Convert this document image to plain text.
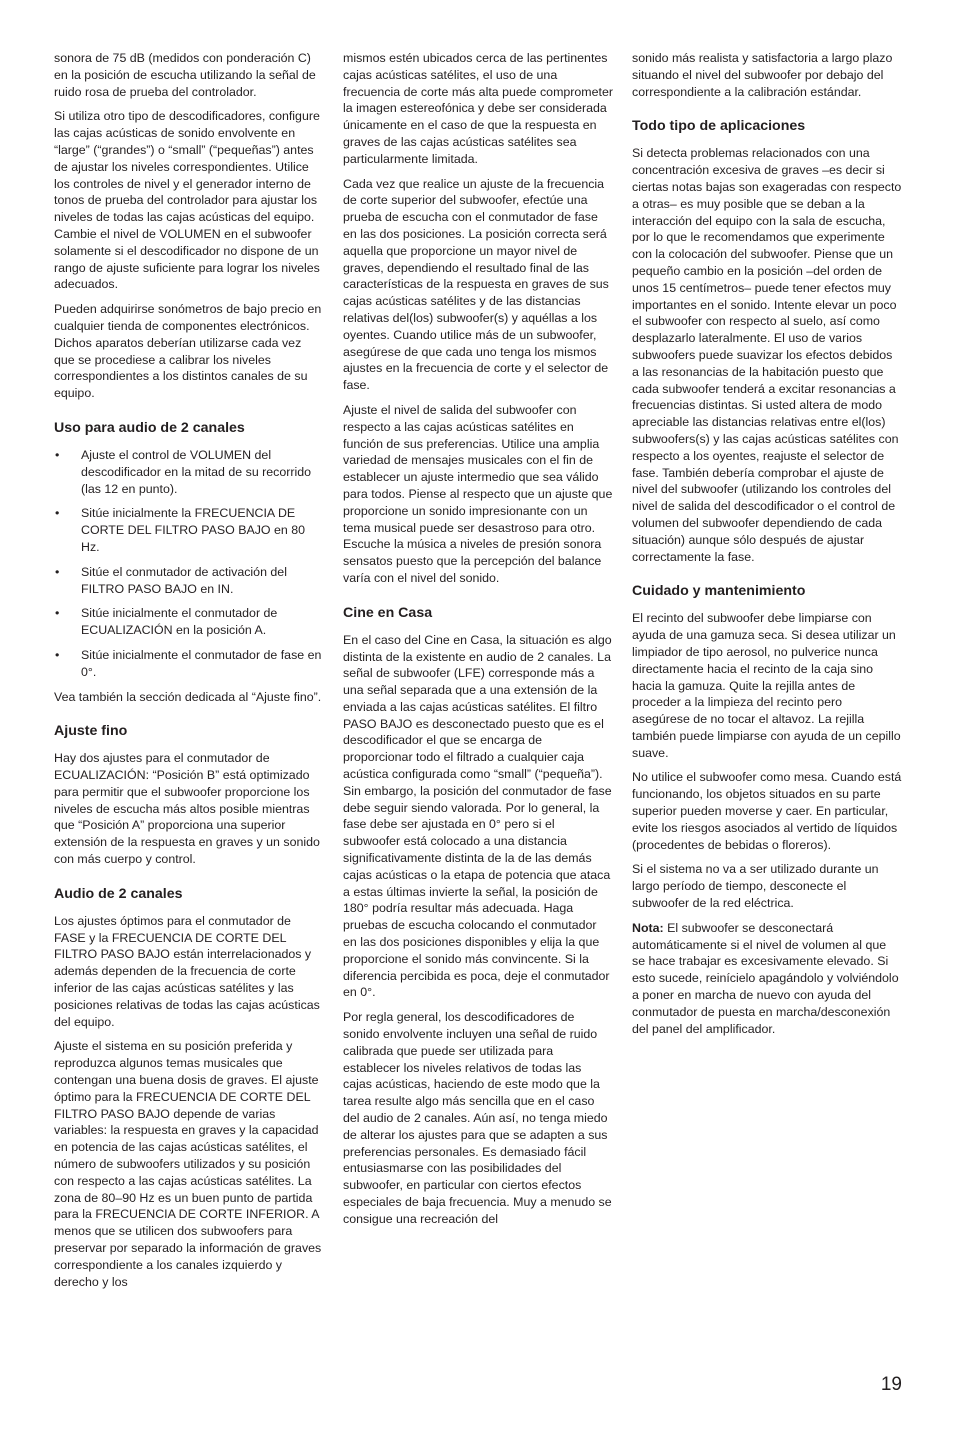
sonora de 75 dB (medidos con ponderación C) en la posición de escucha utilizando la señal de ruido rosa de prueba del controlador.

Si utiliza otro tipo de descodificadores, configure las cajas acústicas de sonido envolvente en “large” (“grandes”) o “small” (“pequeñas”) antes de ajustar los niveles correspondientes. Utilice los controles de nivel y el generador interno de tonos de prueba del controlador para ajustar los niveles de todas las cajas acústicas del equipo. Cambie el nivel de VOLUMEN en el subwoofer solamente si el descodificador no dispone de un rango de ajuste suficiente para lograr los niveles adecuados.

Pueden adquirirse sonómetros de bajo precio en cualquier tienda de componentes electrónicos. Dichos aparatos deberían utilizarse cada vez que se procediese a calibrar los niveles correspondientes a los distintos canales de su equipo.

Uso para audio de 2 canales
• Ajuste el control de VOLUMEN del descodificador en la mitad de su recorrido (las 12 en punto).
• Sitúe inicialmente la FRECUENCIA DE CORTE DEL FILTRO PASO BAJO en 80 Hz.
• Sitúe el conmutador de activación del FILTRO PASO BAJO en IN.
• Sitúe inicialmente el conmutador de ECUALIZACIÓN en la posición A.
• Sitúe inicialmente el conmutador de fase en 0°.

Vea también la sección dedicada al “Ajuste fino”.

Ajuste fino

Hay dos ajustes para el conmutador de ECUALIZACIÓN: “Posición B” está optimizado para permitir que el subwoofer proporcione los niveles de escucha más altos posible mientras que “Posición A” proporciona una superior extensión de la respuesta en graves y un sonido con más cuerpo y control.

Audio de 2 canales

Los ajustes óptimos para el conmutador de FASE y la FRECUENCIA DE CORTE DEL FILTRO PASO BAJO están interrelacionados y además dependen de la frecuencia de corte inferior de las cajas acústicas satélites y las posiciones relativas de todas las cajas acústicas del equipo.

Ajuste el sistema en su posición preferida y reproduzca algunos temas musicales que contengan una buena dosis de graves. El ajuste óptimo para la FRECUENCIA DE CORTE DEL FILTRO PASO BAJO depende de varias variables: la respuesta en graves y la capacidad en potencia de las cajas acústicas satélites, el número de subwoofers utilizados y su posición con respecto a las cajas acústicas satélites. La zona de 80–90 Hz es un buen punto de partida para la FRECUENCIA DE CORTE INFERIOR. A menos que se utilicen dos subwoofers para preservar por separado la información de graves correspondiente a los canales izquierdo y derecho y los

mismos estén ubicados cerca de las pertinentes cajas acústicas satélites, el uso de una frecuencia de corte más alta puede comprometer la imagen estereofónica y debe ser considerada únicamente en el caso de que la respuesta en graves de las cajas acústicas satélites sea particularmente limitada.

Cada vez que realice un ajuste de la frecuencia de corte superior del subwoofer, efectúe una prueba de escucha con el conmutador de fase en las dos posiciones. La posición correcta será aquella que proporcione un mayor nivel de graves, dependiendo el resultado final de las características de la respuesta en graves de sus cajas acústicas satélites y de las distancias relativas del(los) subwoofer(s) y aquéllas a los oyentes. Cuando utilice más de un subwoofer, asegúrese de que cada uno tenga los mismos ajustes en la frecuencia de corte y el selector de fase.

Ajuste el nivel de salida del subwoofer con respecto a las cajas acústicas satélites en función de sus preferencias. Utilice una amplia variedad de mensajes musicales con el fin de establecer un ajuste intermedio que sea válido para todos. Piense al respecto que un ajuste que proporcione un sonido impresionante con un tema musical puede ser desastroso para otro. Escuche la música a niveles de presión sonora sensatos puesto que la percepción del balance varía con el nivel del sonido.

Cine en Casa

En el caso del Cine en Casa, la situación es algo distinta de la existente en audio de 2 canales. La señal de subwoofer (LFE) corresponde más a una señal separada que a una extensión de la enviada a las cajas acústicas satélites. El filtro PASO BAJO es desconectado puesto que es el descodificador el que se encarga de proporcionar todo el filtrado a cualquier caja acústica configurada como “small” (“pequeña”). Sin embargo, la posición del conmutador de fase debe seguir siendo valorada. Por lo general, la fase debe ser ajustada en 0° pero si el subwoofer está colocado a una distancia significativamente distinta de la de las demás cajas acústicas o la etapa de potencia que ataca a estas últimas invierte la señal, la posición de 180° podría resultar más adecuada. Haga pruebas de escucha colocando el conmutador en las dos posiciones disponibles y elija la que proporcione el sonido más convincente. Si la diferencia percibida es poca, deje el conmutador en 0°.

Por regla general, los descodificadores de sonido envolvente incluyen una señal de ruido calibrada que puede ser utilizada para establecer los niveles relativos de todas las cajas acústicas, haciendo de este modo que la tarea resulte algo más sencilla que en el caso del audio de 2 canales. Aún así, no tenga miedo de alterar los ajustes para que se adapten a sus preferencias personales. Es demasiado fácil entusiasmarse con las posibilidades del subwoofer, en particular con ciertos efectos especiales de baja frecuencia. Muy a menudo se consigue una recreación del

sonido más realista y satisfactoria a largo plazo situando el nivel del subwoofer por debajo del correspondiente a la calibración estándar.

Todo tipo de aplicaciones

Si detecta problemas relacionados con una concentración excesiva de graves –es decir si ciertas notas bajas son exageradas con respecto a otras– es muy posible que se deban a la interacción del equipo con la sala de escucha, por lo que le recomendamos que experimente con la colocación del subwoofer. Piense que un pequeño cambio en la posición –del orden de unos 15 centímetros– puede tener efectos muy importantes en el sonido. Intente elevar un poco el subwoofer con respecto al suelo, así como desplazarlo lateralmente. El uso de varios subwoofers puede suavizar los efectos debidos a las resonancias de la habitación puesto que cada subwoofer tenderá a excitar resonancias a frecuencias distintas. Si usted altera de modo apreciable las distancias relativas entre el(los) subwoofers(s) y las cajas acústicas satélites con respecto a los oyentes, reajuste el selector de fase. También debería comprobar el ajuste de nivel del subwoofer (utilizando los controles del nivel de salida del descodificador o el control de volumen del subwoofer dependiendo de cada situación) aunque sólo después de ajustar correctamente la fase.

Cuidado y mantenimiento

El recinto del subwoofer debe limpiarse con ayuda de una gamuza seca. Si desea utilizar un limpiador de tipo aerosol, no pulverice nunca directamente hacia el recinto de la caja sino hacia la gamuza. Quite la rejilla antes de proceder a la limpieza del recinto pero asegúrese de no tocar el altavoz. La rejilla también puede limpiarse con ayuda de un cepillo suave.

No utilice el subwoofer como mesa. Cuando está funcionando, los objetos situados en su parte superior pueden moverse y caer. En particular, evite los riesgos asociados al vertido de líquidos (procedentes de bebidas o floreros).

Si el sistema no va a ser utilizado durante un largo período de tiempo, desconecte el subwoofer de la red eléctrica.

Nota: El subwoofer se desconectará automáticamente si el nivel de volumen al que se hace trabajar es excesivamente elevado. Si esto sucede, reinícielo apagándolo y volviéndolo a poner en marcha de nuevo con ayuda del conmutador de puesta en marcha/desconexión del panel del amplificador.

19
